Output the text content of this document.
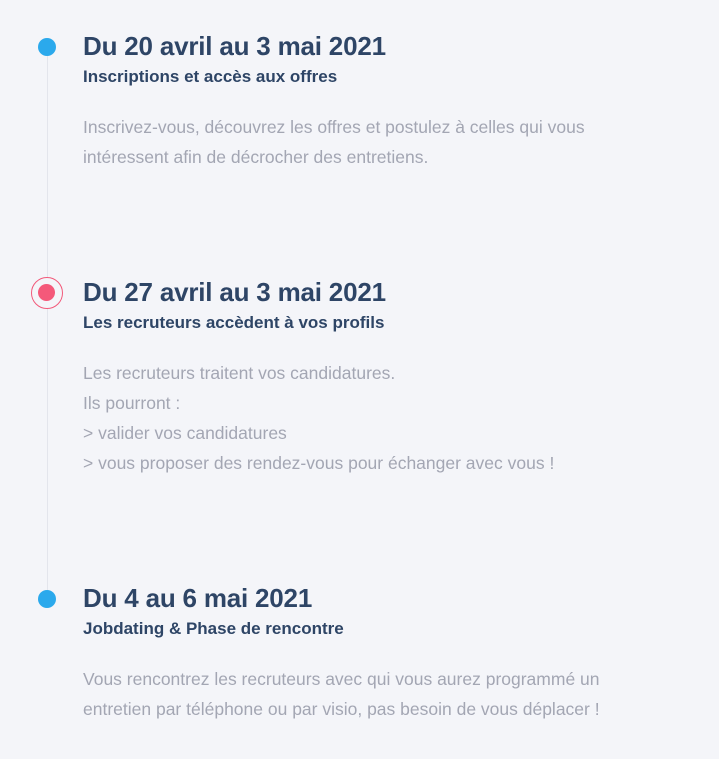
Du 20 avril au 3 mai 2021
Inscriptions et accès aux offres

Inscrivez-vous, découvrez les offres et postulez à celles qui vous

intéressent afin de décrocher des entretiens.

Du 27 avril au 3 mai 2021
Les recruteurs accèdent à vos profils

Les recruteurs traitent vos candidatures.

Ils pourront :

> valider vos candidatures

> vous proposer des rendez-vous pour échanger avec vous !

Du 4 au 6 mai 2021
Jobdating & Phase de rencontre

Vous rencontrez les recruteurs avec qui vous aurez programmé un

entretien par téléphone ou par visio, pas besoin de vous déplacer !
